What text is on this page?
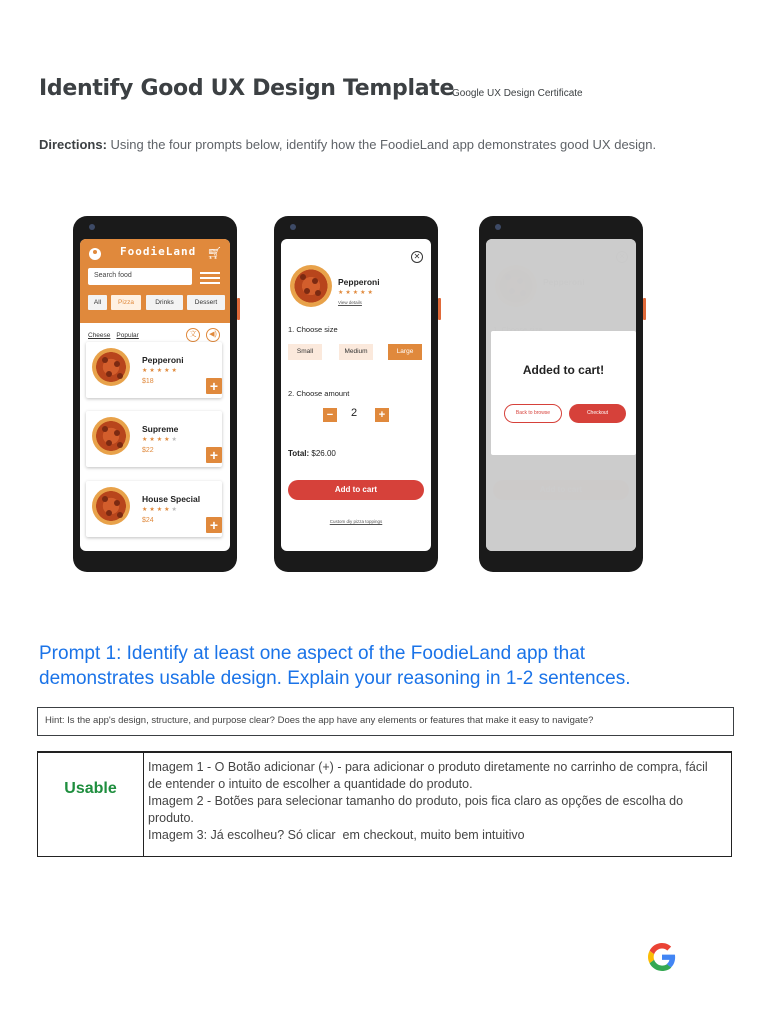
Identify Good UX Design Template
Google UX Design Certificate
Directions: Using the four prompts below, identify how the FoodieLand app demonstrates good UX design.
FoodieLand 🛒︎
Search food
All	Pizza	Drinks	Dessert
Cheese Popular	文	◀)
Pepperoni
★★★★★
$18	+
Supreme
★★★★★
$22	+
House Special
★★★★★
$24	+
✕
Pepperoni
★★★★★
View details
1. Choose size
Small	Medium	Large
2. Choose amount
−	2	+
Total: $26.00
Add to cart
Custom diy pizza toppings
Added to cart!
Back to browse	Checkout
Prompt 1: Identify at least one aspect of the FoodieLand app that demonstrates usable design. Explain your reasoning in 1-2 sentences.
Hint: Is the app's design, structure, and purpose clear? Does the app have any elements or features that make it easy to navigate?
Usable
Imagem 1 - O Botão adicionar (+) - para adicionar o produto diretamente no carrinho de compra, fácil de entender o intuito de escolher a quantidade do produto.
Imagem 2 - Botões para selecionar tamanho do produto, pois fica claro as opções de escolha do produto.
Imagem 3: Já escolheu? Só clicar  em checkout, muito bem intuitivo
